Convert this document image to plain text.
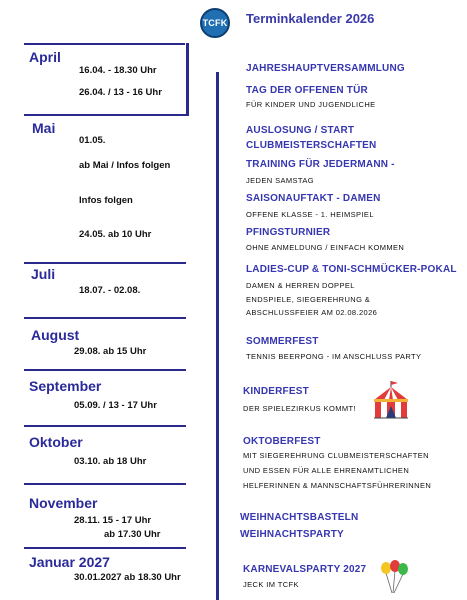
TCFK Terminkalender 2026
April
Mai
Juli
August
September
Oktober
November
Januar 2027
16.04. - 18.30 Uhr
26.04. / 13 - 16 Uhr
01.05.
ab Mai / Infos folgen
Infos folgen
24.05. ab 10 Uhr
18.07. - 02.08.
29.08. ab 15 Uhr
05.09. / 13 - 17 Uhr
03.10. ab 18 Uhr
28.11. 15 - 17 Uhr
ab 17.30 Uhr
30.01.2027 ab 18.30 Uhr
JAHRESHAUPTVERSAMMLUNG
TAG DER OFFENEN TÜR
FÜR KINDER UND JUGENDLICHE
AUSLOSUNG / START
CLUBMEISTERSCHAFTEN
TRAINING FÜR JEDERMANN -
JEDEN SAMSTAG
SAISONAUFTAKT - DAMEN
OFFENE KLASSE - 1. HEIMSPIEL
PFINGSTURNIER
OHNE ANMELDUNG / EINFACH KOMMEN
LADIES-CUP & TONI-SCHMÜCKER-POKAL
DAMEN & HERREN DOPPEL
ENDSPIELE, SIEGEREHRUNG &
ABSCHLUSSFEIER AM 02.08.2026
SOMMERFEST
TENNIS BEERPONG - IM ANSCHLUSS PARTY
KINDERFEST
DER SPIELEZIRKUS KOMMT!
OKTOBERFEST
MIT SIEGEREHRUNG CLUBMEISTERSCHAFTEN
UND ESSEN FÜR ALLE EHRENAMTLICHEN
HELFERINNEN & MANNSCHAFTSFÜHRERINNEN
WEIHNACHTSBASTELN
WEIHNACHTSPARTY
KARNEVALSPARTY 2027
JECK IM TCFK
